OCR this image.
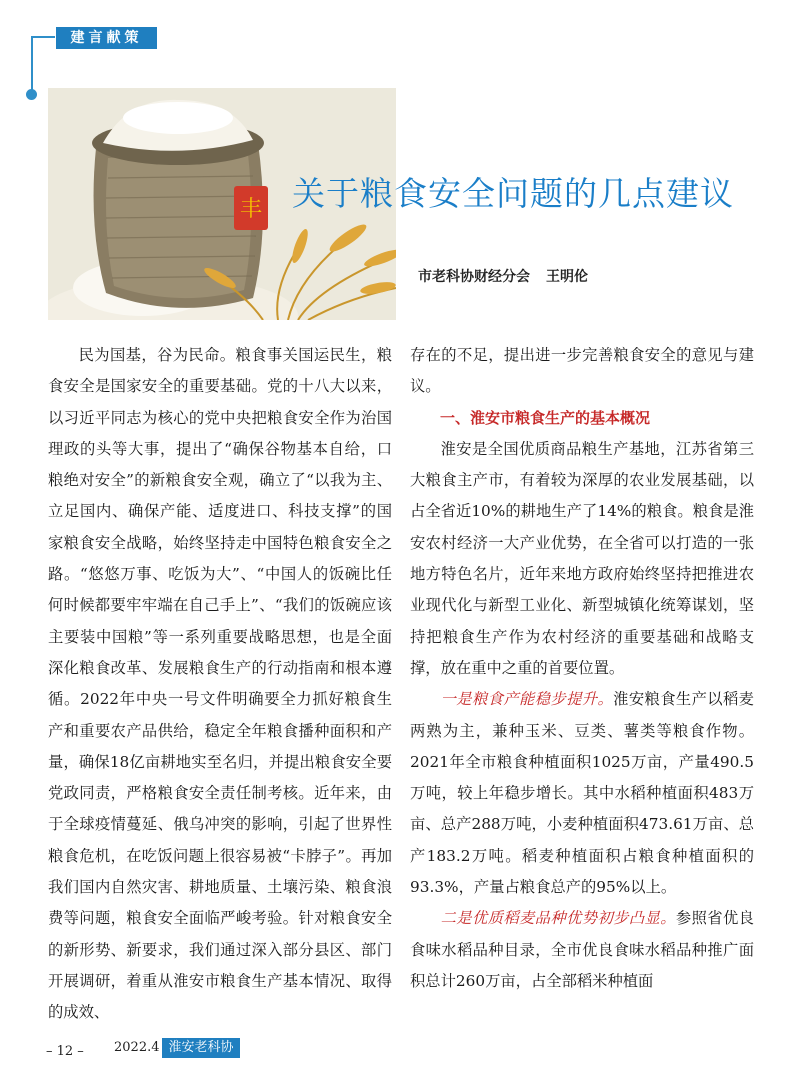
建言献策
丰 关于粮食安全问题的几点建议
市老科协财经分会 王明伦

民为国基，谷为民命。粮食事关国运民生，粮食安全是国家安全的重要基础。党的十八大以来，以习近平同志为核心的党中央把粮食安全作为治国理政的头等大事，提出了“确保谷物基本自给，口粮绝对安全”的新粮食安全观，确立了“以我为主、立足国内、确保产能、适度进口、科技支撑”的国家粮食安全战略，始终坚持走中国特色粮食安全之路。“悠悠万事、吃饭为大”、“中国人的饭碗比任何时候都要牢牢端在自己手上”、“我们的饭碗应该主要装中国粮”等一系列重要战略思想，也是全面深化粮食改革、发展粮食生产的行动指南和根本遵循。2022年中央一号文件明确要全力抓好粮食生产和重要农产品供给，稳定全年粮食播种面积和产量，确保18亿亩耕地实至名归，并提出粮食安全要党政同责，严格粮食安全责任制考核。近年来，由于全球疫情蔓延、俄乌冲突的影响，引起了世界性粮食危机，在吃饭问题上很容易被“卡脖子”。再加我们国内自然灾害、耕地质量、土壤污染、粮食浪费等问题，粮食安全面临严峻考验。针对粮食安全的新形势、新要求，我们通过深入部分县区、部门开展调研，着重从淮安市粮食生产基本情况、取得的成效、

存在的不足，提出进一步完善粮食安全的意见与建议。

一、淮安市粮食生产的基本概况

淮安是全国优质商品粮生产基地，江苏省第三大粮食主产市，有着较为深厚的农业发展基础，以占全省近10%的耕地生产了14%的粮食。粮食是淮安农村经济一大产业优势，在全省可以打造的一张地方特色名片，近年来地方政府始终坚持把推进农业现代化与新型工业化、新型城镇化统筹谋划，坚持把粮食生产作为农村经济的重要基础和战略支撑，放在重中之重的首要位置。

一是粮食产能稳步提升。淮安粮食生产以稻麦两熟为主，兼种玉米、豆类、薯类等粮食作物。2021年全市粮食种植面积1025万亩，产量490.5万吨，较上年稳步增长。其中水稻种植面积483万亩、总产288万吨，小麦种植面积473.61万亩、总产183.2万吨。稻麦种植面积占粮食种植面积的93.3%，产量占粮食总产的95%以上。

二是优质稻麦品种优势初步凸显。参照省优良食味水稻品种目录，全市优良食味水稻品种推广面积总计260万亩，占全部稻米种植面

– 12 – 2022.4 淮安老科协
